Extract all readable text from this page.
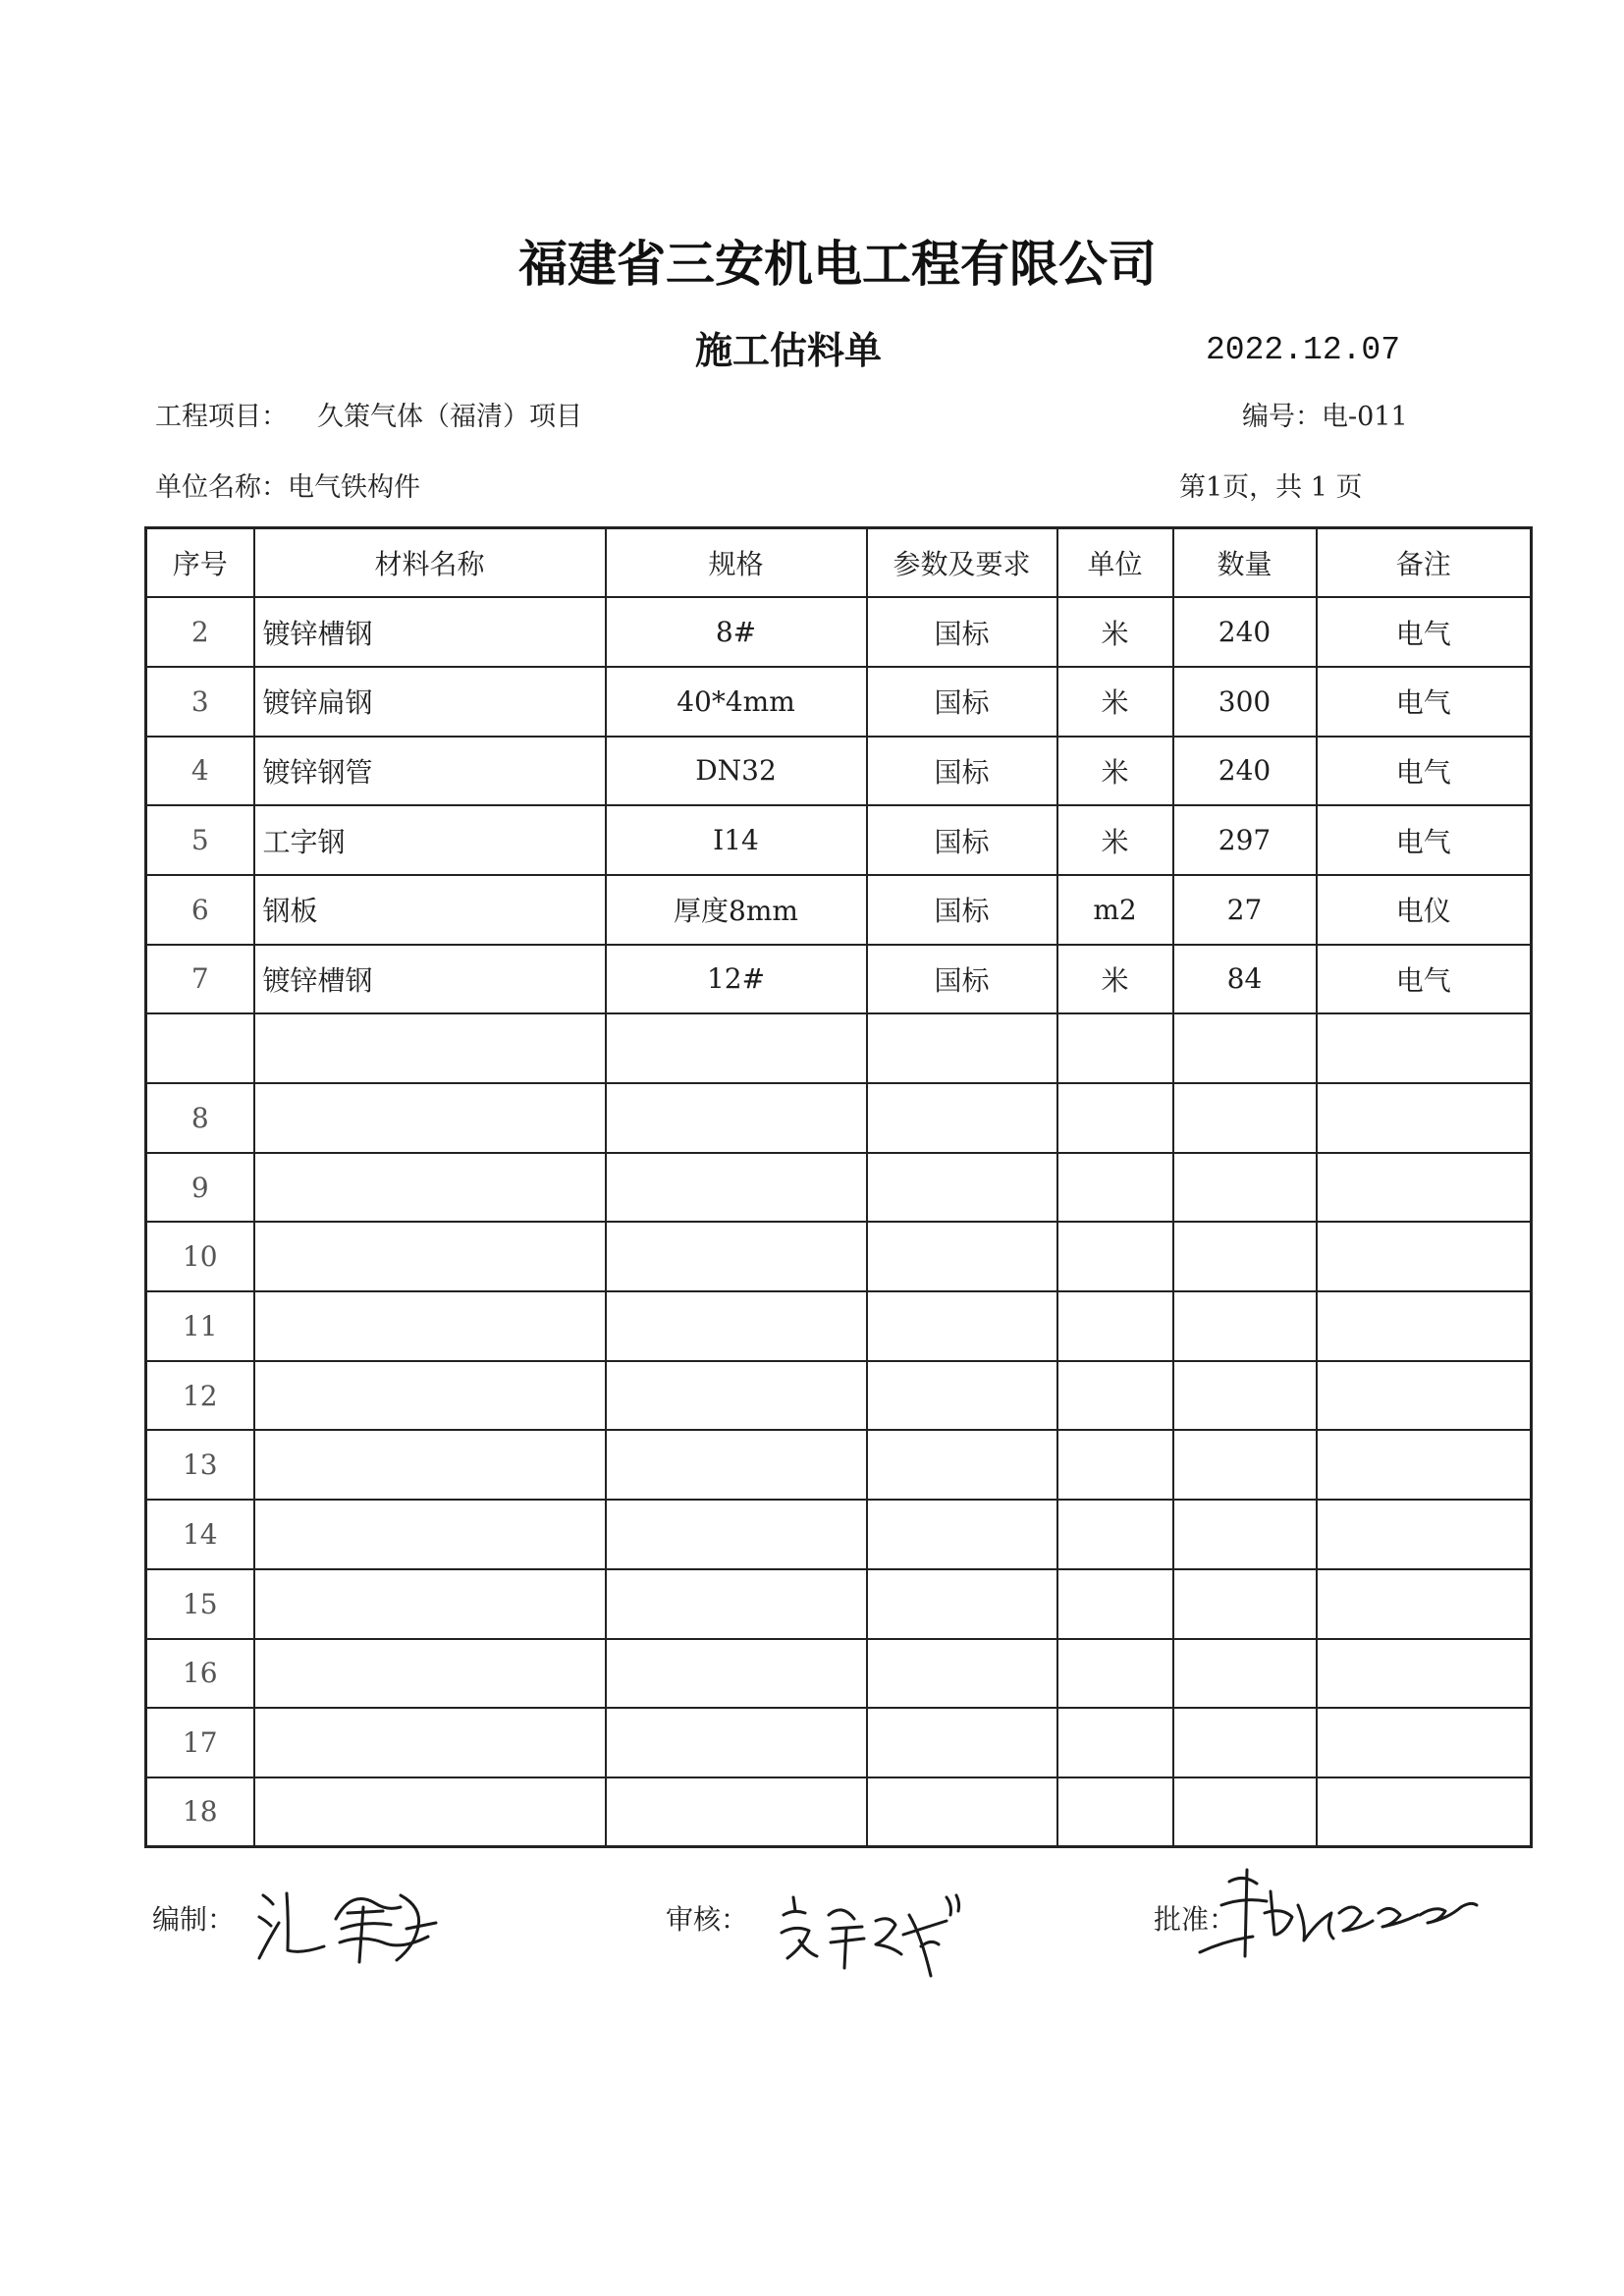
福建省三安机电工程有限公司
施工估料单	2022.12.07
工程项目： 久策气体（福清）项目	编号：电-011
单位名称：电气铁构件	第1页，共 1 页
序号	材料名称	规格	参数及要求	单位	数量	备注
2	镀锌槽钢	8#	国标	米	240	电气
3	镀锌扁钢	40*4mm	国标	米	300	电气
4	镀锌钢管	DN32	国标	米	240	电气
5	工字钢	I14	国标	米	297	电气
6	钢板	厚度8mm	国标	m2	27	电仪
7	镀锌槽钢	12#	国标	米	84	电气

8						
9						
10						
11						
12						
13						
14						
15						
16						
17						
18						
编制：	审核：	批准：
